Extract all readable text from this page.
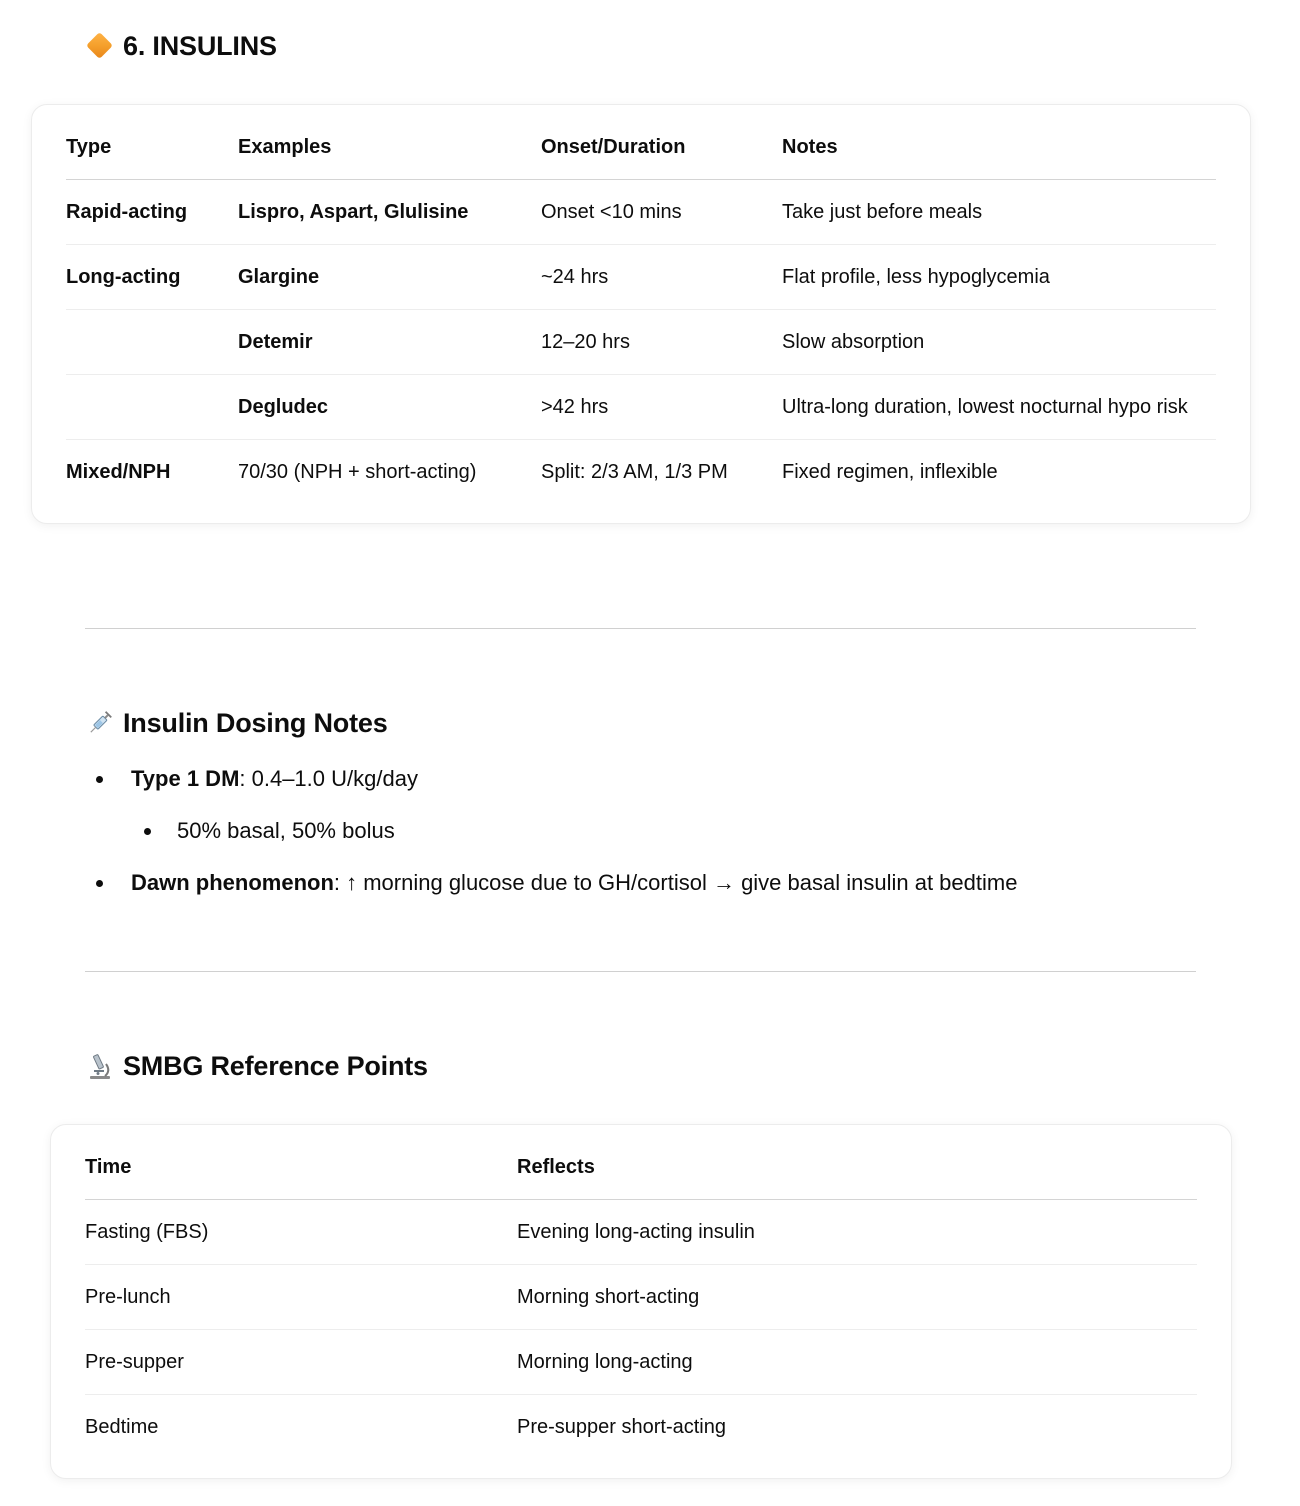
6. INSULINS
Type	Examples	Onset/Duration	Notes
Rapid-acting	Lispro, Aspart, Glulisine	Onset <10 mins	Take just before meals
Long-acting	Glargine	~24 hrs	Flat profile, less hypoglycemia
	Detemir	12–20 hrs	Slow absorption
	Degludec	>42 hrs	Ultra-long duration, lowest nocturnal hypo risk
Mixed/NPH	70/30 (NPH + short-acting)	Split: 2/3 AM, 1/3 PM	Fixed regimen, inflexible
Insulin Dosing Notes
Type 1 DM: 0.4–1.0 U/kg/day
50% basal, 50% bolus
Dawn phenomenon: ↑ morning glucose due to GH/cortisol → give basal insulin at bedtime
SMBG Reference Points
Time	Reflects
Fasting (FBS)	Evening long-acting insulin
Pre-lunch	Morning short-acting
Pre-supper	Morning long-acting
Bedtime	Pre-supper short-acting
